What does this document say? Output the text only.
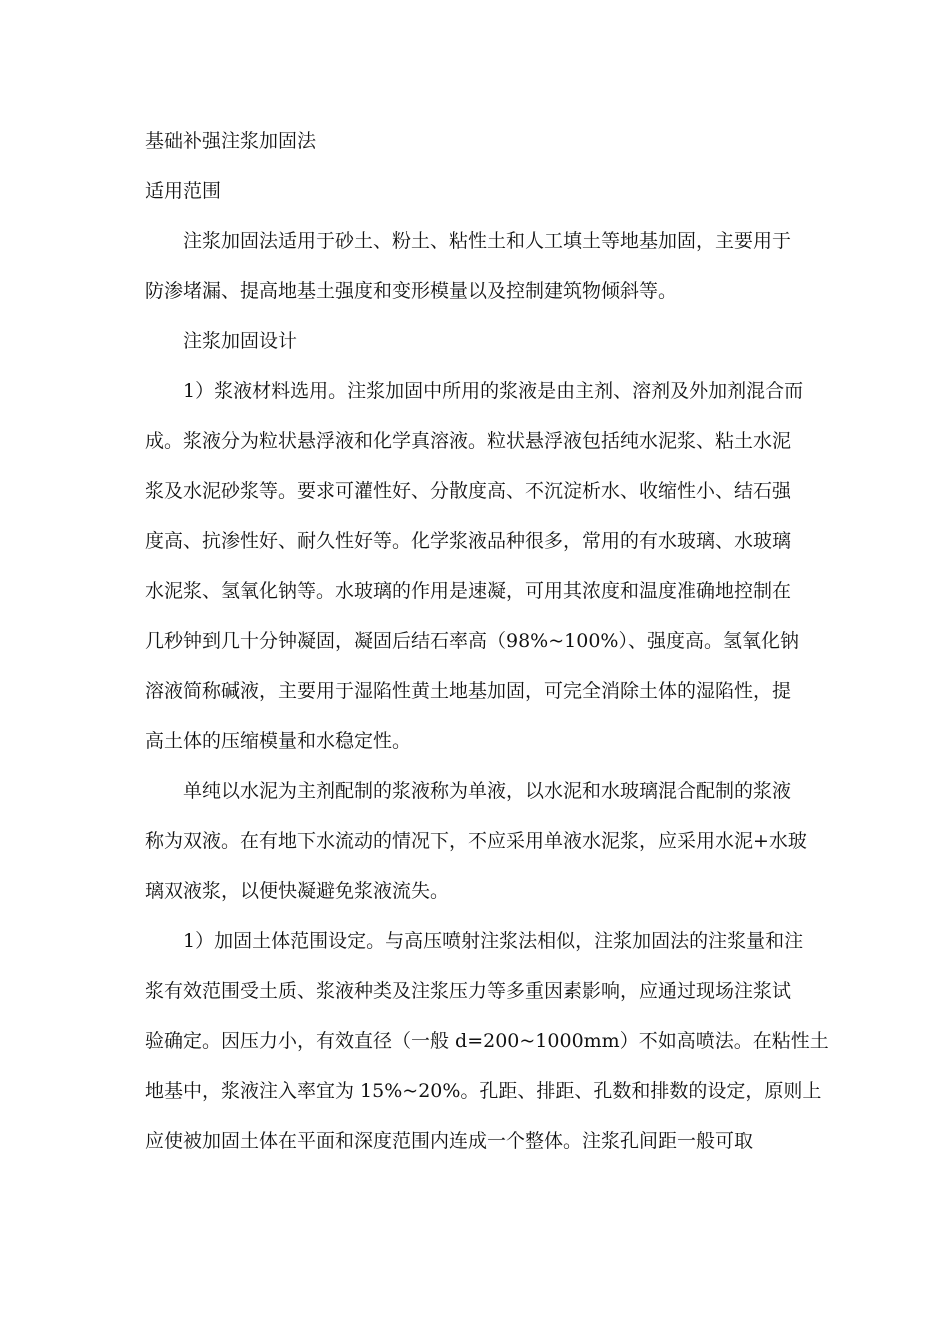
基础补强注浆加固法
适用范围
注浆加固法适用于砂土、粉土、粘性土和人工填土等地基加固，主要用于
防渗堵漏、提高地基土强度和变形模量以及控制建筑物倾斜等。
注浆加固设计
1）浆液材料选用。注浆加固中所用的浆液是由主剂、溶剂及外加剂混合而
成。浆液分为粒状悬浮液和化学真溶液。粒状悬浮液包括纯水泥浆、粘土水泥
浆及水泥砂浆等。要求可灌性好、分散度高、不沉淀析水、收缩性小、结石强
度高、抗渗性好、耐久性好等。化学浆液品种很多，常用的有水玻璃、水玻璃
水泥浆、氢氧化钠等。水玻璃的作用是速凝，可用其浓度和温度准确地控制在
几秒钟到几十分钟凝固，凝固后结石率高（98%~100%）、强度高。氢氧化钠
溶液简称碱液，主要用于湿陷性黄土地基加固，可完全消除土体的湿陷性，提
高土体的压缩模量和水稳定性。
单纯以水泥为主剂配制的浆液称为单液，以水泥和水玻璃混合配制的浆液
称为双液。在有地下水流动的情况下，不应采用单液水泥浆，应采用水泥+水玻
璃双液浆，以便快凝避免浆液流失。
1）加固土体范围设定。与高压喷射注浆法相似，注浆加固法的注浆量和注
浆有效范围受土质、浆液种类及注浆压力等多重因素影响，应通过现场注浆试
验确定。因压力小，有效直径（一般 d=200~1000mm）不如高喷法。在粘性土
地基中，浆液注入率宜为 15%~20%。孔距、排距、孔数和排数的设定，原则上
应使被加固土体在平面和深度范围内连成一个整体。注浆孔间距一般可取
